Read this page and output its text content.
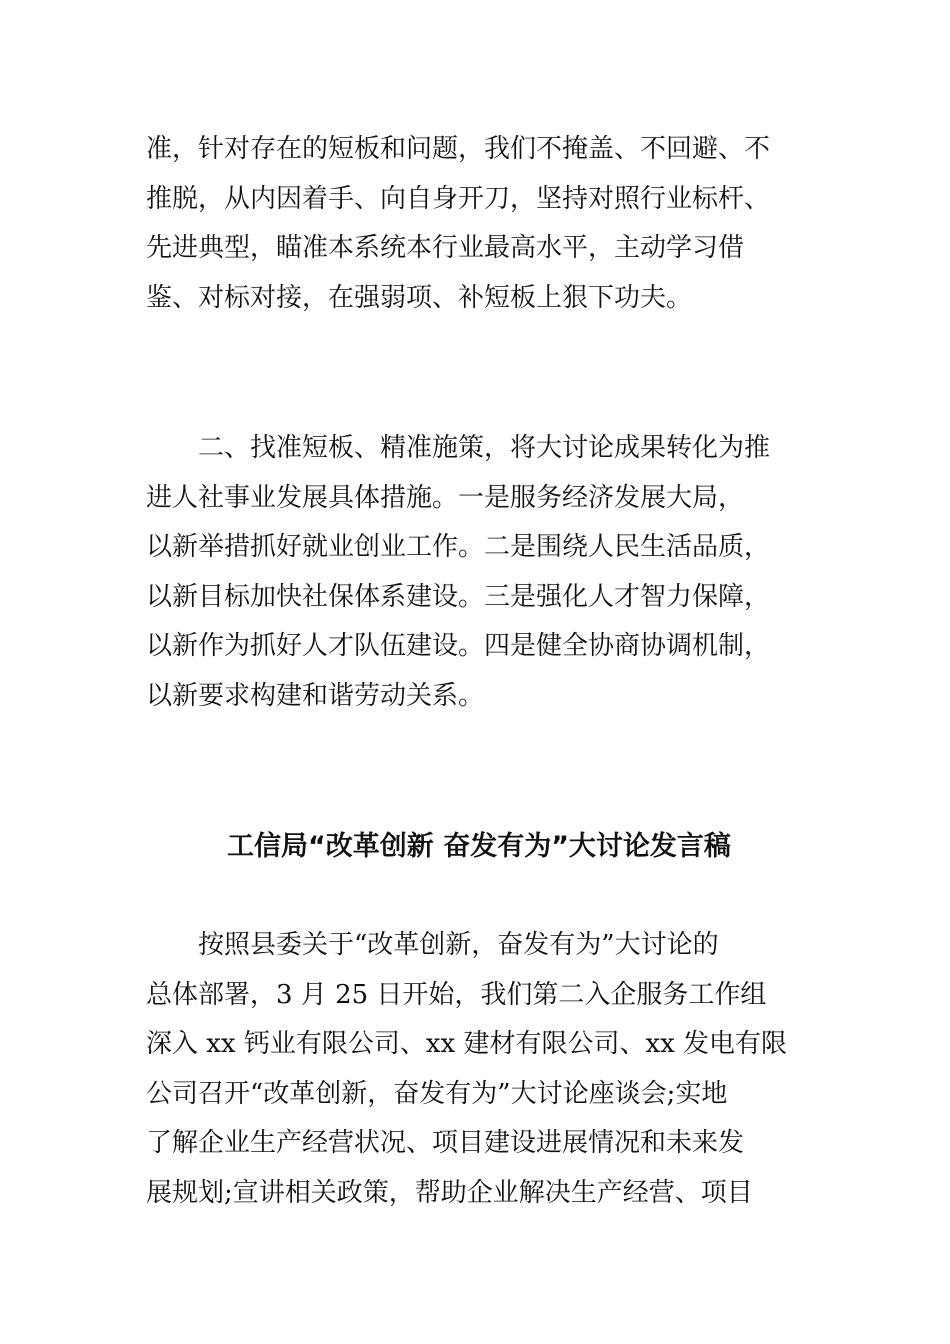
准，针对存在的短板和问题，我们不掩盖、不回避、不
推脱，从内因着手、向自身开刀，坚持对照行业标杆、
先进典型，瞄准本系统本行业最高水平，主动学习借
鉴、对标对接，在强弱项、补短板上狠下功夫。
　　二、找准短板、精准施策，将大讨论成果转化为推
进人社事业发展具体措施。一是服务经济发展大局，
以新举措抓好就业创业工作。二是围绕人民生活品质，
以新目标加快社保体系建设。三是强化人才智力保障，
以新作为抓好人才队伍建设。四是健全协商协调机制，
以新要求构建和谐劳动关系。
工信局“改革创新 奋发有为”大讨论发言稿
　　按照县委关于“改革创新，奋发有为”大讨论的
总体部署，3 月 25 日开始，我们第二入企服务工作组
深入 xx 钙业有限公司、xx 建材有限公司、xx 发电有限
公司召开“改革创新，奋发有为”大讨论座谈会;实地
了解企业生产经营状况、项目建设进展情况和未来发
展规划;宣讲相关政策，帮助企业解决生产经营、项目
